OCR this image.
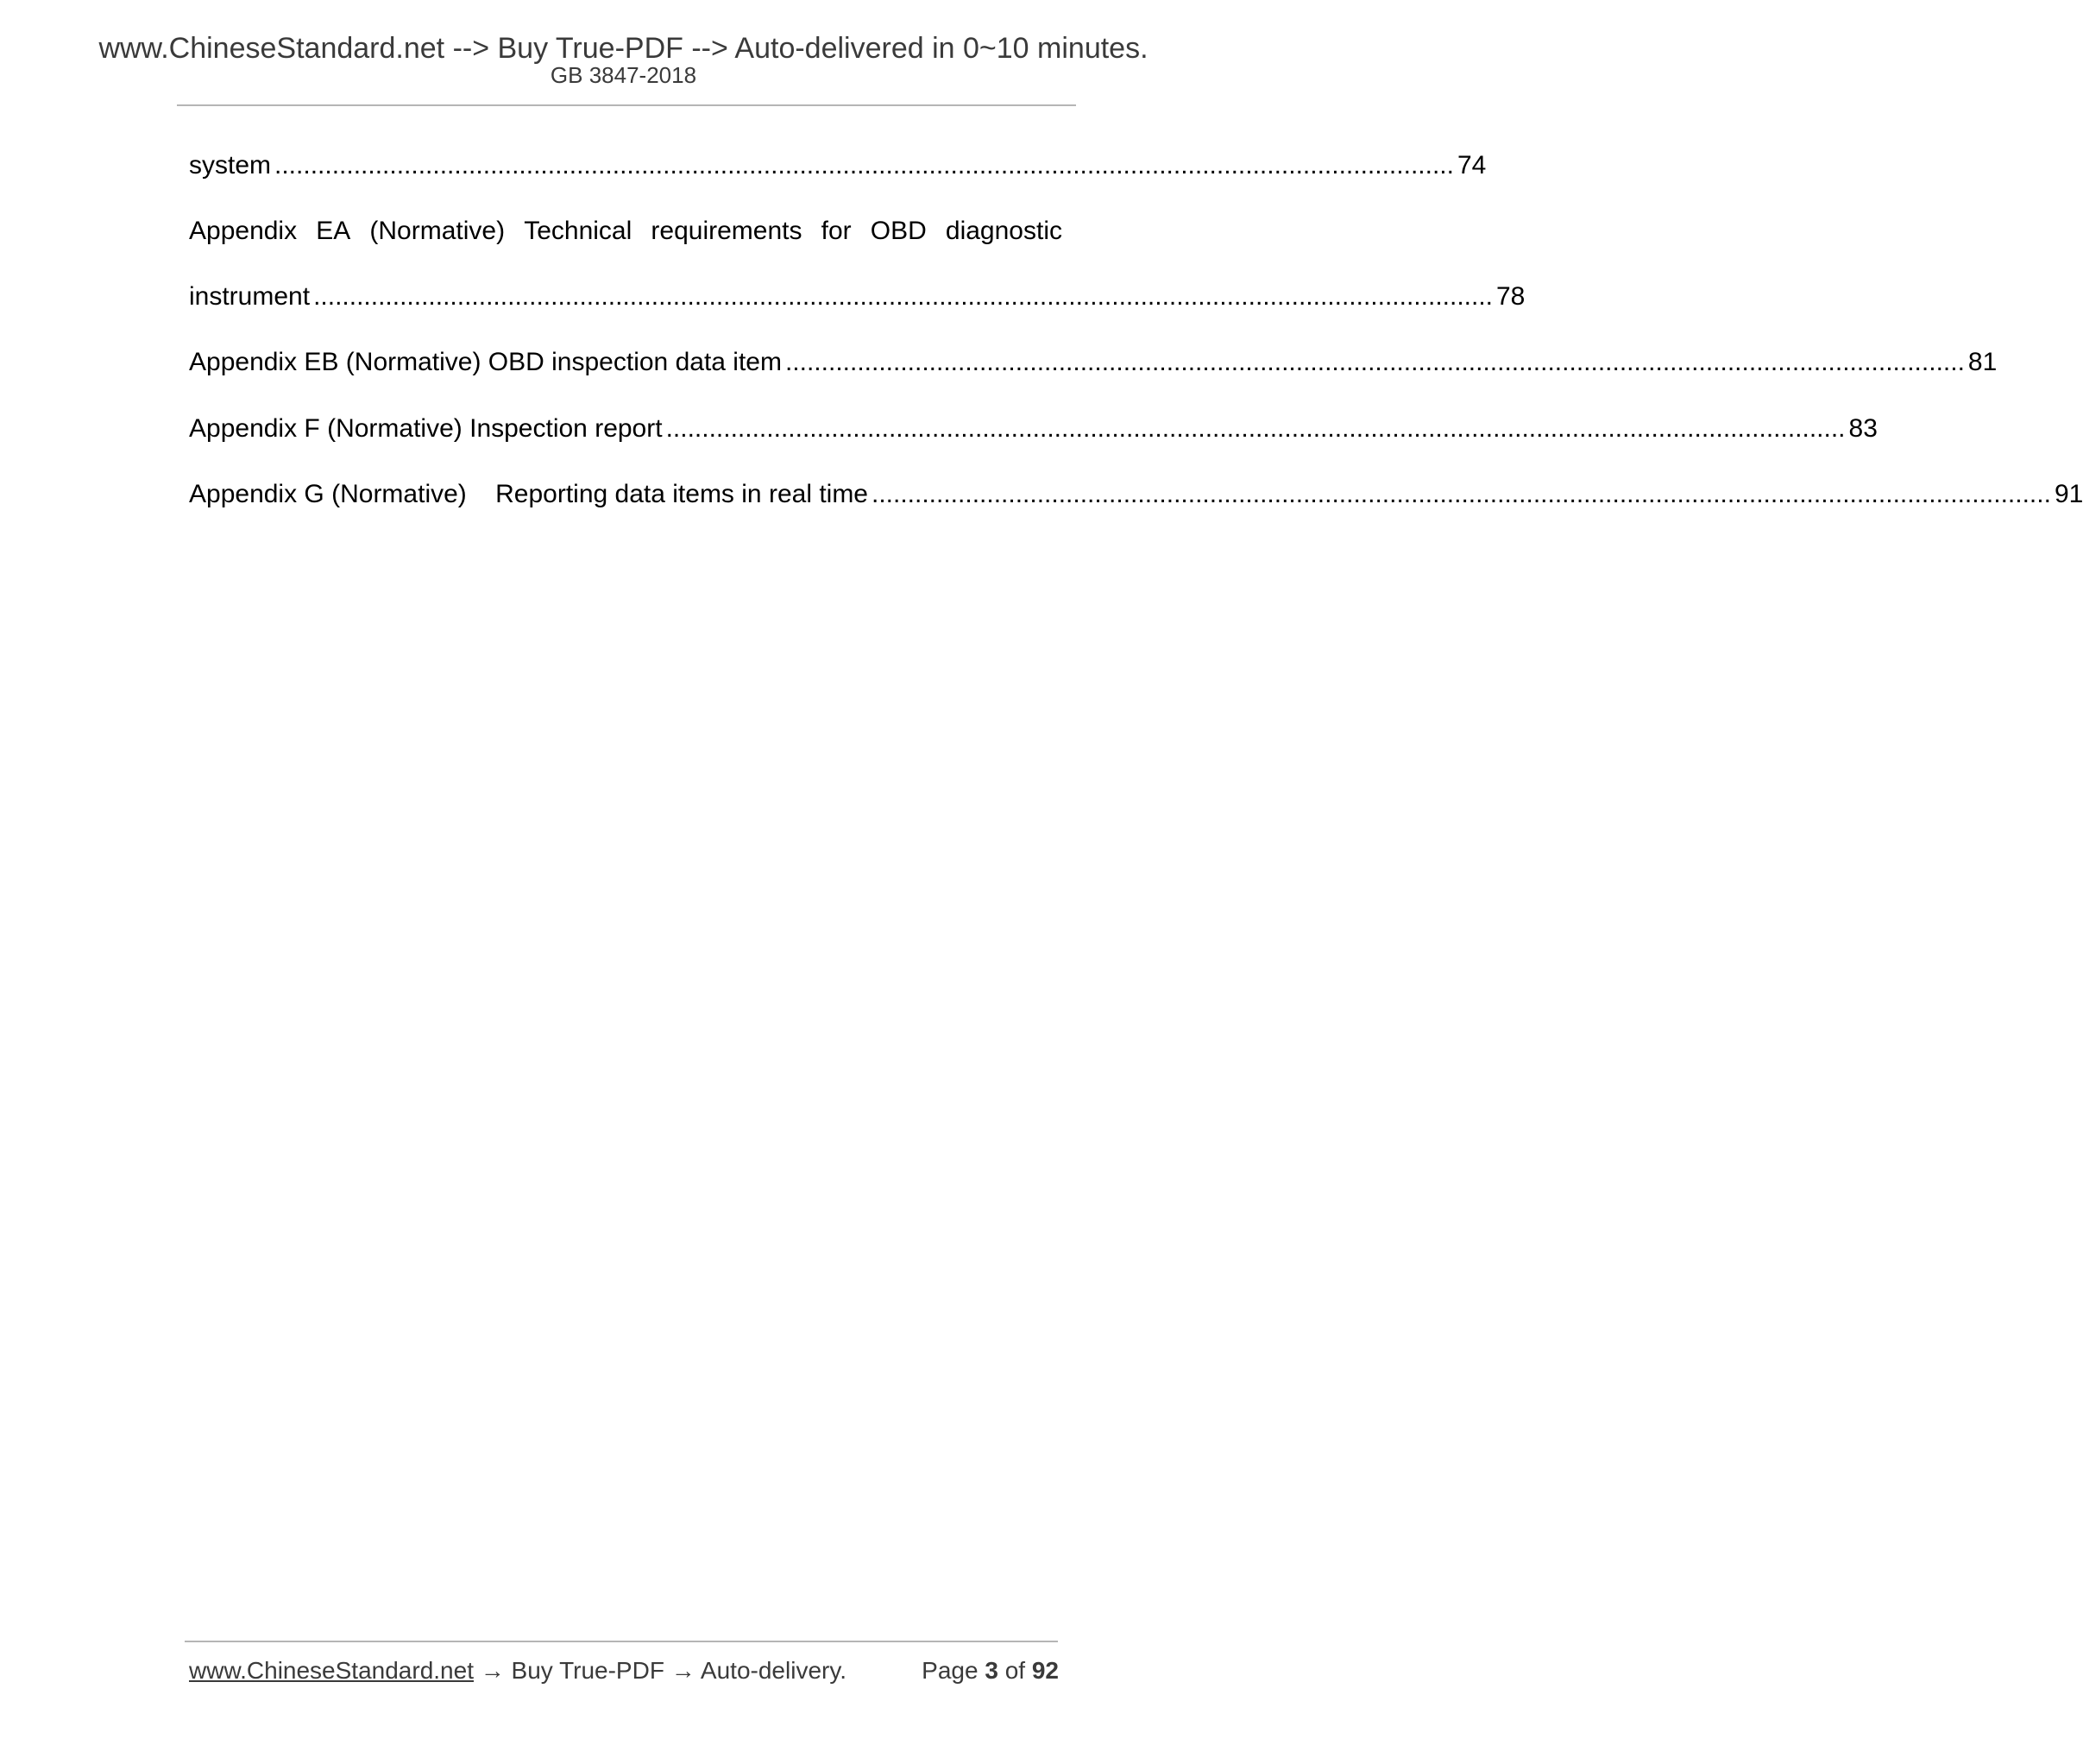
www.ChineseStandard.net --> Buy True-PDF --> Auto-delivered in 0~10 minutes.
GB 3847-2018
system .................................................................................................................................................................... 74
Appendix EA (Normative) Technical requirements for OBD diagnostic
instrument .................................................................................................................................................................... 78
Appendix EB (Normative) OBD inspection data item .................................................................................................................................................................... 81
Appendix F (Normative) Inspection report .................................................................................................................................................................... 83
Appendix G (Normative)    Reporting data items in real time .................................................................................................................................................................... 91
www.ChineseStandard.net → Buy True-PDF → Auto-delivery.	Page 3 of 92
